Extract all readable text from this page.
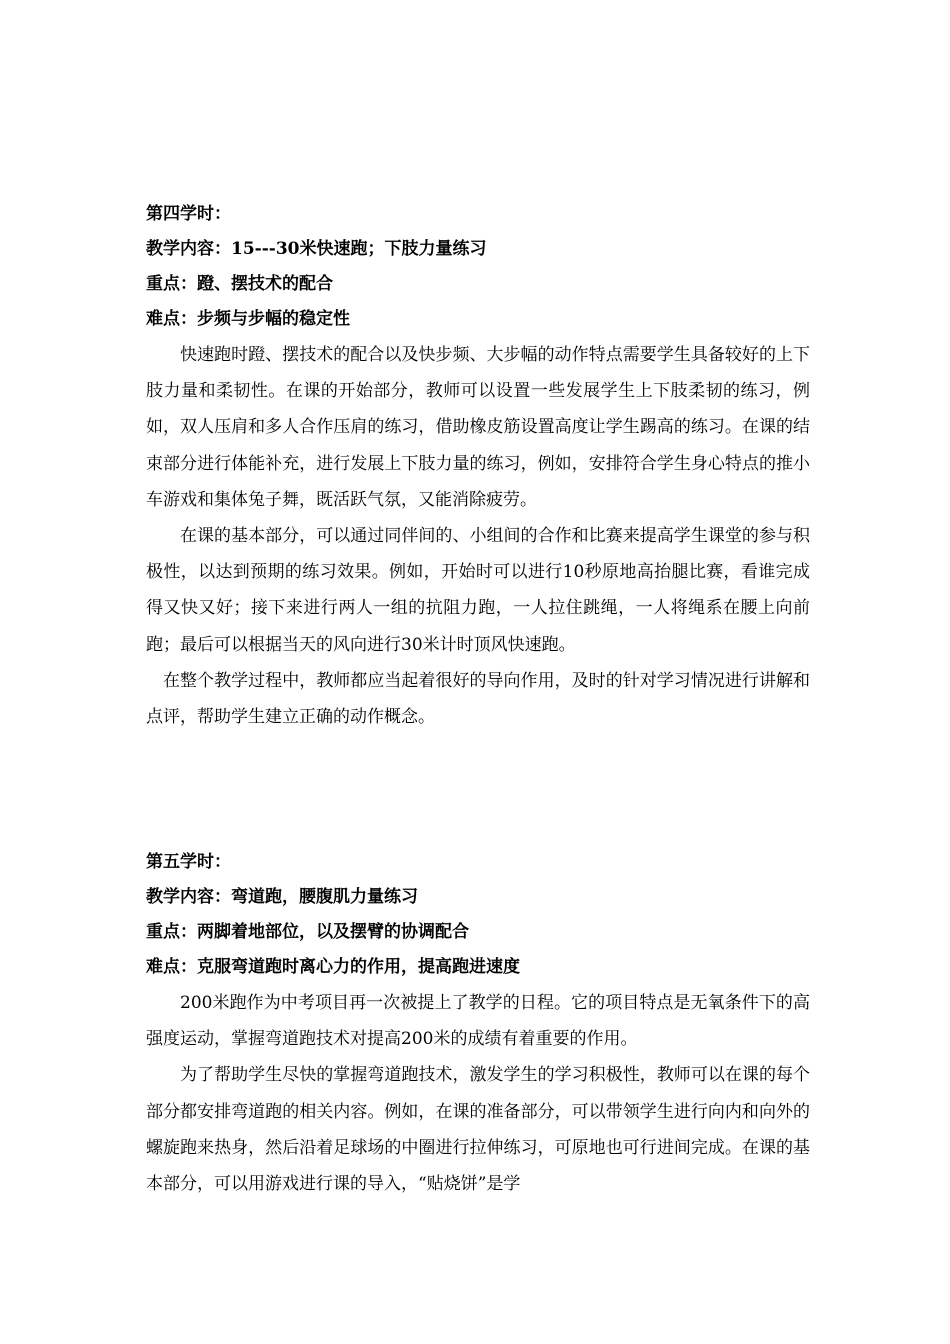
第四学时：
教学内容：15---30米快速跑；下肢力量练习
重点：蹬、摆技术的配合
难点：步频与步幅的稳定性

快速跑时蹬、摆技术的配合以及快步频、大步幅的动作特点需要学生具备较好的上下肢力量和柔韧性。在课的开始部分，教师可以设置一些发展学生上下肢柔韧的练习，例如，双人压肩和多人合作压肩的练习，借助橡皮筋设置高度让学生踢高的练习。在课的结束部分进行体能补充，进行发展上下肢力量的练习，例如，安排符合学生身心特点的推小车游戏和集体兔子舞，既活跃气氛，又能消除疲劳。

在课的基本部分，可以通过同伴间的、小组间的合作和比赛来提高学生课堂的参与积极性，以达到预期的练习效果。例如，开始时可以进行10秒原地高抬腿比赛，看谁完成得又快又好；接下来进行两人一组的抗阻力跑，一人拉住跳绳，一人将绳系在腰上向前跑；最后可以根据当天的风向进行30米计时顶风快速跑。

在整个教学过程中，教师都应当起着很好的导向作用，及时的针对学习情况进行讲解和点评，帮助学生建立正确的动作概念。

第五学时：
教学内容：弯道跑，腰腹肌力量练习
重点：两脚着地部位，以及摆臂的协调配合
难点：克服弯道跑时离心力的作用，提高跑进速度

200米跑作为中考项目再一次被提上了教学的日程。它的项目特点是无氧条件下的高强度运动，掌握弯道跑技术对提高200米的成绩有着重要的作用。

为了帮助学生尽快的掌握弯道跑技术，激发学生的学习积极性，教师可以在课的每个部分都安排弯道跑的相关内容。例如，在课的准备部分，可以带领学生进行向内和向外的螺旋跑来热身，然后沿着足球场的中圈进行拉伸练习，可原地也可行进间完成。在课的基本部分，可以用游戏进行课的导入，“贴烧饼”是学
